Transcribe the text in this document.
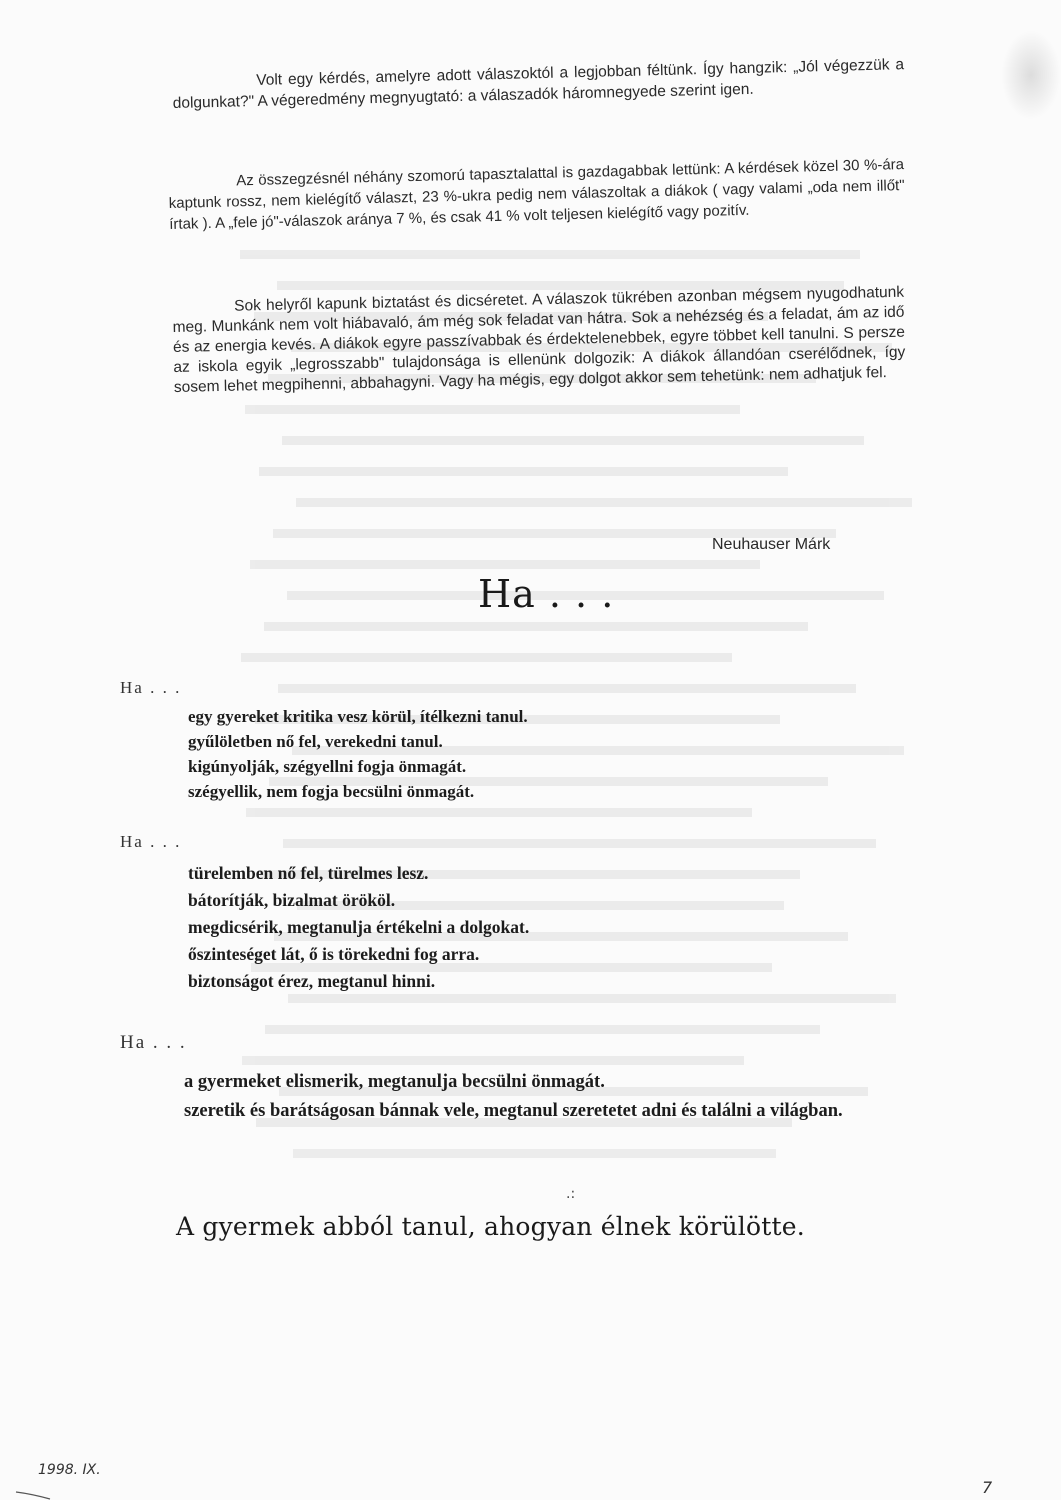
Volt egy kérdés, amelyre adott válaszoktól a legjobban féltünk. Így hangzik: „Jól végezzük a dolgunkat?" A végeredmény megnyugtató: a válaszadók háromnegyede szerint igen.

Az összegzésnél néhány szomorú tapasztalattal is gazdagabbak lettünk: A kérdések közel 30 %-ára kaptunk rossz, nem kielégítő választ, 23 %-ukra pedig nem válaszoltak a diákok ( vagy valami „oda nem illőt" írtak ). A „fele jó"-válaszok aránya 7 %, és csak 41 % volt teljesen kielégítő vagy pozitív.

Sok helyről kapunk biztatást és dicséretet. A válaszok tükrében azonban mégsem nyugodhatunk meg. Munkánk nem volt hiábavaló, ám még sok feladat van hátra. Sok a nehézség és a feladat, ám az idő és az energia kevés. A diákok egyre passzívabbak és érdektelenebbek, egyre többet kell tanulni. S persze az iskola egyik „legrosszabb" tulajdonsága is ellenünk dolgozik: A diákok állandóan cserélődnek, így sosem lehet megpihenni, abbahagyni. Vagy ha mégis, egy dolgot akkor sem tehetünk: nem adhatjuk fel.

Neuhauser Márk
Ha . . .
Ha . . .
egy gyereket kritika vesz körül, ítélkezni tanul.
gyűlöletben nő fel, verekedni tanul.
kigúnyolják, szégyellni fogja önmagát.
szégyellik, nem fogja becsülni önmagát.
Ha . . .
türelemben nő fel, türelmes lesz.
bátorítják, bizalmat örököl.
megdicsérik, megtanulja értékelni a dolgokat.
őszinteséget lát, ő is törekedni fog arra.
biztonságot érez, megtanul hinni.
Ha . . .
a gyermeket elismerik, megtanulja becsülni önmagát.
szeretik és barátságosan bánnak vele, megtanul szeretetet adni és találni a világban.
.:
A gyermek abból tanul, ahogyan élnek körülötte.
1998. IX.
7
